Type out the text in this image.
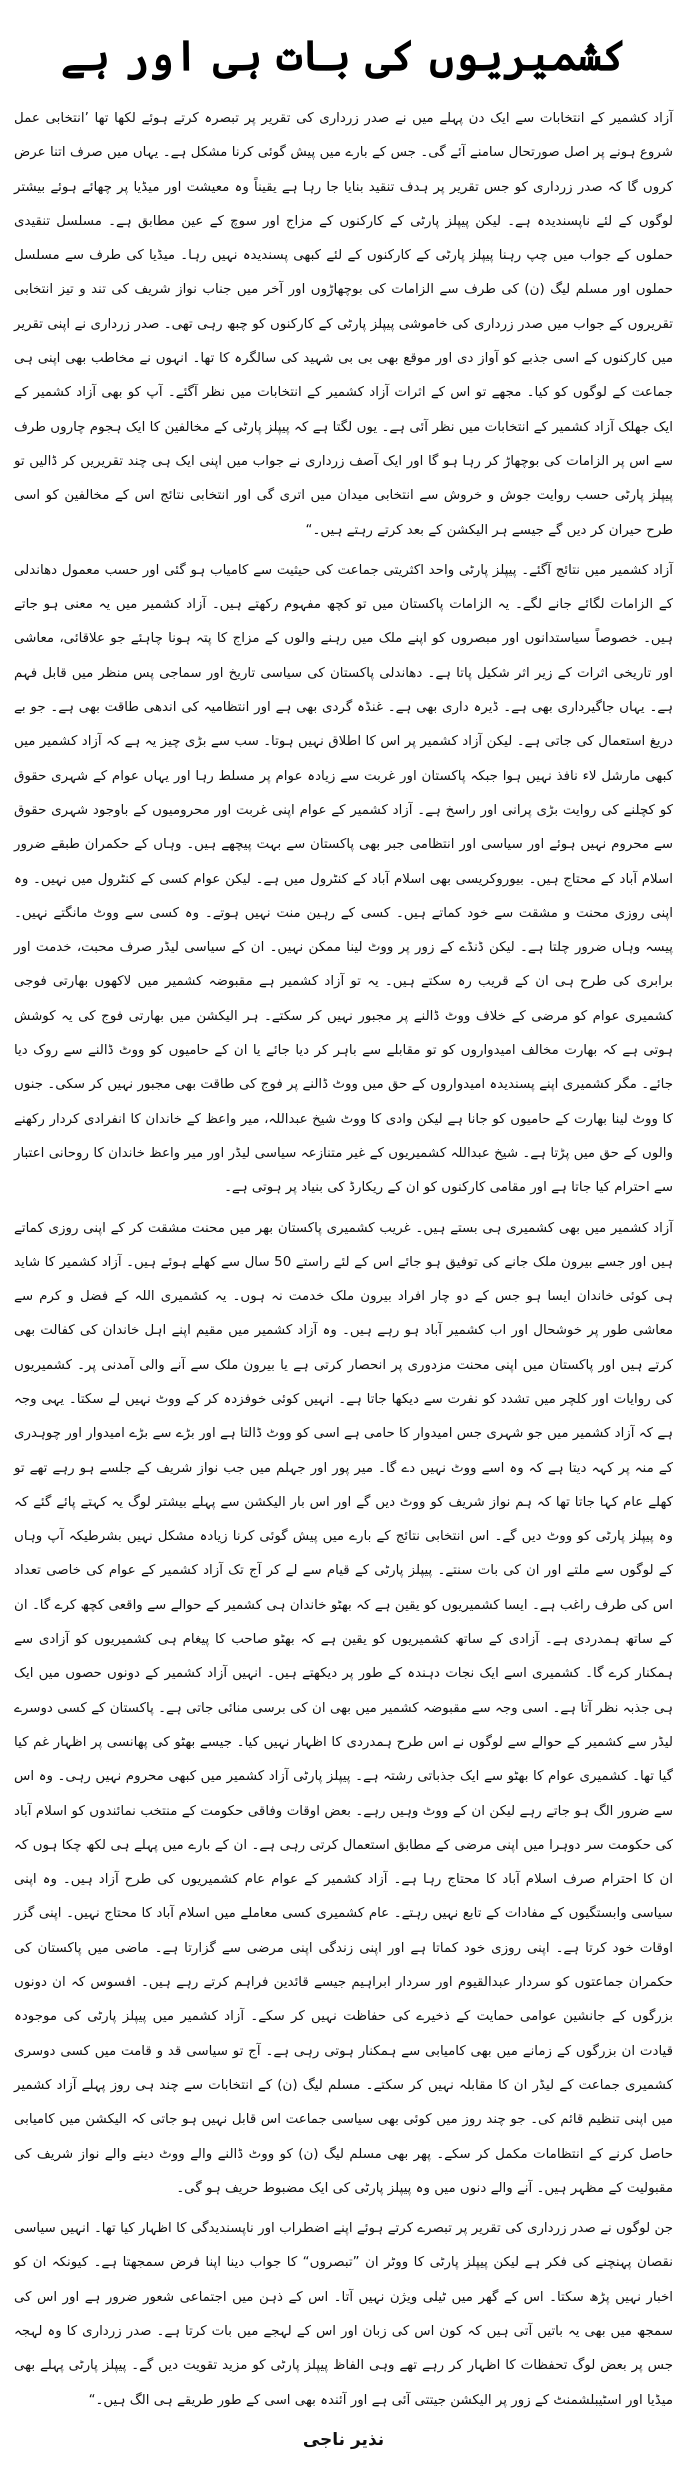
کشمیریوں کی بات ہی اور ہے

آزاد کشمیر کے انتخابات سے ایک دن پہلے میں نے صدر زرداری کی تقریر پر تبصرہ کرتے ہوئے لکھا تھا ’انتخابی عمل شروع ہونے پر اصل صورتحال سامنے آئے گی۔ جس کے بارے میں پیش گوئی کرنا مشکل ہے۔ یہاں میں صرف اتنا عرض کروں گا کہ صدر زرداری کو جس تقریر پر ہدف تنقید بنایا جا رہا ہے یقیناً وہ معیشت اور میڈیا پر چھائے ہوئے بیشتر لوگوں کے لئے ناپسندیدہ ہے۔ لیکن پیپلز پارٹی کے کارکنوں کے مزاج اور سوچ کے عین مطابق ہے۔ مسلسل تنقیدی حملوں کے جواب میں چپ رہنا پیپلز پارٹی کے کارکنوں کے لئے کبھی پسندیدہ نہیں رہا۔ میڈیا کی طرف سے مسلسل حملوں اور مسلم لیگ (ن) کی طرف سے الزامات کی بوچھاڑوں اور آخر میں جناب نواز شریف کی تند و تیز انتخابی تقریروں کے جواب میں صدر زرداری کی خاموشی پیپلز پارٹی کے کارکنوں کو چبھ رہی تھی۔ صدر زرداری نے اپنی تقریر میں کارکنوں کے اسی جذبے کو آواز دی اور موقع بھی بی بی شہید کی سالگرہ کا تھا۔ انہوں نے مخاطب بھی اپنی ہی جماعت کے لوگوں کو کیا۔ مجھے تو اس کے اثرات آزاد کشمیر کے انتخابات میں نظر آگئے۔ آپ کو بھی آزاد کشمیر کے ایک جھلک آزاد کشمیر کے انتخابات میں نظر آئی ہے۔ یوں لگتا ہے کہ پیپلز پارٹی کے مخالفین کا ایک ہجوم چاروں طرف سے اس پر الزامات کی بوچھاڑ کر رہا ہو گا اور ایک آصف زرداری نے جواب میں اپنی ایک ہی چند تقریریں کر ڈالیں تو پیپلز پارٹی حسب روایت جوش و خروش سے انتخابی میدان میں اتری گی اور انتخابی نتائج اس کے مخالفین کو اسی طرح حیران کر دیں گے جیسے ہر الیکشن کے بعد کرتے رہتے ہیں۔“

آزاد کشمیر میں نتائج آگئے۔ پیپلز پارٹی واحد اکثریتی جماعت کی حیثیت سے کامیاب ہو گئی اور حسب معمول دھاندلی کے الزامات لگائے جانے لگے۔ یہ الزامات پاکستان میں تو کچھ مفہوم رکھتے ہیں۔ آزاد کشمیر میں یہ معنی ہو جاتے ہیں۔ خصوصاً سیاستدانوں اور مبصروں کو اپنے ملک میں رہنے والوں کے مزاج کا پتہ ہونا چاہئے جو علاقائی، معاشی اور تاریخی اثرات کے زیر اثر شکیل پاتا ہے۔ دھاندلی پاکستان کی سیاسی تاریخ اور سماجی پس منظر میں قابل فہم ہے۔ یہاں جاگیرداری بھی ہے۔ ڈیرہ داری بھی ہے۔ غنڈہ گردی بھی ہے اور انتظامیہ کی اندھی طاقت بھی ہے۔ جو بے دریغ استعمال کی جاتی ہے۔ لیکن آزاد کشمیر پر اس کا اطلاق نہیں ہوتا۔ سب سے بڑی چیز یہ ہے کہ آزاد کشمیر میں کبھی مارشل لاء نافذ نہیں ہوا جبکہ پاکستان اور غربت سے زیادہ عوام پر مسلط رہا اور یہاں عوام کے شہری حقوق کو کچلنے کی روایت بڑی پرانی اور راسخ ہے۔ آزاد کشمیر کے عوام اپنی غربت اور محرومیوں کے باوجود شہری حقوق سے محروم نہیں ہوئے اور سیاسی اور انتظامی جبر بھی پاکستان سے بہت پیچھے ہیں۔ وہاں کے حکمران طبقے ضرور اسلام آباد کے محتاج ہیں۔ بیوروکریسی بھی اسلام آباد کے کنٹرول میں ہے۔ لیکن عوام کسی کے کنٹرول میں نہیں۔ وہ اپنی روزی محنت و مشقت سے خود کماتے ہیں۔ کسی کے رہین منت نہیں ہوتے۔ وہ کسی سے ووٹ مانگتے نہیں۔ پیسہ وہاں ضرور چلتا ہے۔ لیکن ڈنڈے کے زور پر ووٹ لینا ممکن نہیں۔ ان کے سیاسی لیڈر صرف محبت، خدمت اور برابری کی طرح ہی ان کے قریب رہ سکتے ہیں۔ یہ تو آزاد کشمیر ہے مقبوضہ کشمیر میں لاکھوں بھارتی فوجی کشمیری عوام کو مرضی کے خلاف ووٹ ڈالنے پر مجبور نہیں کر سکتے۔ ہر الیکشن میں بھارتی فوج کی یہ کوشش ہوتی ہے کہ بھارت مخالف امیدواروں کو تو مقابلے سے باہر کر دیا جائے یا ان کے حامیوں کو ووٹ ڈالنے سے روک دیا جائے۔ مگر کشمیری اپنے پسندیدہ امیدواروں کے حق میں ووٹ ڈالنے پر فوج کی طاقت بھی مجبور نہیں کر سکی۔ جنوں کا ووٹ لینا بھارت کے حامیوں کو جانا ہے لیکن وادی کا ووٹ شیخ عبداللہ، میر واعظ کے خاندان کا انفرادی کردار رکھنے والوں کے حق میں پڑتا ہے۔ شیخ عبداللہ کشمیریوں کے غیر متنازعہ سیاسی لیڈر اور میر واعظ خاندان کا روحانی اعتبار سے احترام کیا جاتا ہے اور مقامی کارکنوں کو ان کے ریکارڈ کی بنیاد پر ہوتی ہے۔

آزاد کشمیر میں بھی کشمیری ہی بستے ہیں۔ غریب کشمیری پاکستان بھر میں محنت مشقت کر کے اپنی روزی کماتے ہیں اور جسے بیرون ملک جانے کی توفیق ہو جائے اس کے لئے راستے 50 سال سے کھلے ہوئے ہیں۔ آزاد کشمیر کا شاید ہی کوئی خاندان ایسا ہو جس کے دو چار افراد بیرون ملک خدمت نہ ہوں۔ یہ کشمیری اللہ کے فضل و کرم سے معاشی طور پر خوشحال اور اب کشمیر آباد ہو رہے ہیں۔ وہ آزاد کشمیر میں مقیم اپنے اہل خاندان کی کفالت بھی کرتے ہیں اور پاکستان میں اپنی محنت مزدوری پر انحصار کرتی ہے یا بیرون ملک سے آنے والی آمدنی پر۔ کشمیریوں کی روایات اور کلچر میں تشدد کو نفرت سے دیکھا جاتا ہے۔ انہیں کوئی خوفزدہ کر کے ووٹ نہیں لے سکتا۔ یہی وجہ ہے کہ آزاد کشمیر میں جو شہری جس امیدوار کا حامی ہے اسی کو ووٹ ڈالتا ہے اور بڑے سے بڑے امیدوار اور چوہدری کے منہ پر کہہ دیتا ہے کہ وہ اسے ووٹ نہیں دے گا۔ میر پور اور جہلم میں جب نواز شریف کے جلسے ہو رہے تھے تو کھلے عام کہا جاتا تھا کہ ہم نواز شریف کو ووٹ دیں گے اور اس بار الیکشن سے پہلے بیشتر لوگ یہ کہتے پائے گئے کہ وہ پیپلز پارٹی کو ووٹ دیں گے۔ اس انتخابی نتائج کے بارے میں پیش گوئی کرنا زیادہ مشکل نہیں بشرطیکہ آپ وہاں کے لوگوں سے ملتے اور ان کی بات سنتے۔ پیپلز پارٹی کے قیام سے لے کر آج تک آزاد کشمیر کے عوام کی خاصی تعداد اس کی طرف راغب ہے۔ ایسا کشمیریوں کو یقین ہے کہ بھٹو خاندان ہی کشمیر کے حوالے سے واقعی کچھ کرے گا۔ ان کے ساتھ ہمدردی ہے۔ آزادی کے ساتھ کشمیریوں کو یقین ہے کہ بھٹو صاحب کا پیغام ہی کشمیریوں کو آزادی سے ہمکنار کرے گا۔ کشمیری اسے ایک نجات دہندہ کے طور پر دیکھتے ہیں۔ انہیں آزاد کشمیر کے دونوں حصوں میں ایک ہی جذبہ نظر آتا ہے۔ اسی وجہ سے مقبوضہ کشمیر میں بھی ان کی برسی منائی جاتی ہے۔ پاکستان کے کسی دوسرے لیڈر سے کشمیر کے حوالے سے لوگوں نے اس طرح ہمدردی کا اظہار نہیں کیا۔ جیسے بھٹو کی پھانسی پر اظہار غم کیا گیا تھا۔ کشمیری عوام کا بھٹو سے ایک جذباتی رشتہ ہے۔ پیپلز پارٹی آزاد کشمیر میں کبھی محروم نہیں رہی۔ وہ اس سے ضرور الگ ہو جاتے رہے لیکن ان کے ووٹ وہیں رہے۔ بعض اوقات وفاقی حکومت کے منتخب نمائندوں کو اسلام آباد کی حکومت سر دوہرا میں اپنی مرضی کے مطابق استعمال کرتی رہی ہے۔ ان کے بارے میں پہلے ہی لکھ چکا ہوں کہ ان کا احترام صرف اسلام آباد کا محتاج رہا ہے۔ آزاد کشمیر کے عوام عام کشمیریوں کی طرح آزاد ہیں۔ وہ اپنی سیاسی وابستگیوں کے مفادات کے تابع نہیں رہتے۔ عام کشمیری کسی معاملے میں اسلام آباد کا محتاج نہیں۔ اپنی گزر اوقات خود کرتا ہے۔ اپنی روزی خود کماتا ہے اور اپنی زندگی اپنی مرضی سے گزارتا ہے۔ ماضی میں پاکستان کی حکمران جماعتوں کو سردار عبدالقیوم اور سردار ابراہیم جیسے قائدین فراہم کرتے رہے ہیں۔ افسوس کہ ان دونوں بزرگوں کے جانشین عوامی حمایت کے ذخیرے کی حفاظت نہیں کر سکے۔ آزاد کشمیر میں پیپلز پارٹی کی موجودہ قیادت ان بزرگوں کے زمانے میں بھی کامیابی سے ہمکنار ہوتی رہی ہے۔ آج تو سیاسی قد و قامت میں کسی دوسری کشمیری جماعت کے لیڈر ان کا مقابلہ نہیں کر سکتے۔ مسلم لیگ (ن) کے انتخابات سے چند ہی روز پہلے آزاد کشمیر میں اپنی تنظیم قائم کی۔ جو چند روز میں کوئی بھی سیاسی جماعت اس قابل نہیں ہو جاتی کہ الیکشن میں کامیابی حاصل کرنے کے انتظامات مکمل کر سکے۔ پھر بھی مسلم لیگ (ن) کو ووٹ ڈالنے والے ووٹ دینے والے نواز شریف کی مقبولیت کے مظہر ہیں۔ آنے والے دنوں میں وہ پیپلز پارٹی کی ایک مضبوط حریف ہو گی۔

جن لوگوں نے صدر زرداری کی تقریر پر تبصرے کرتے ہوئے اپنے اضطراب اور ناپسندیدگی کا اظہار کیا تھا۔ انہیں سیاسی نقصان پہنچنے کی فکر ہے لیکن پیپلز پارٹی کا ووٹر ان ”تبصروں“ کا جواب دینا اپنا فرض سمجھتا ہے۔ کیونکہ ان کو اخبار نہیں پڑھ سکتا۔ اس کے گھر میں ٹیلی ویژن نہیں آتا۔ اس کے ذہن میں اجتماعی شعور ضرور ہے اور اس کی سمجھ میں بھی یہ باتیں آتی ہیں کہ کون اس کی زبان اور اس کے لہجے میں بات کرتا ہے۔ صدر زرداری کا وہ لہجہ جس پر بعض لوگ تحفظات کا اظہار کر رہے تھے وہی الفاظ پیپلز پارٹی کو مزید تقویت دیں گے۔ پیپلز پارٹی پہلے بھی میڈیا اور اسٹیبلشمنٹ کے زور پر الیکشن جیتتی آئی ہے اور آئندہ بھی اسی کے طور طریقے ہی الگ ہیں۔“

نذیر ناجی
